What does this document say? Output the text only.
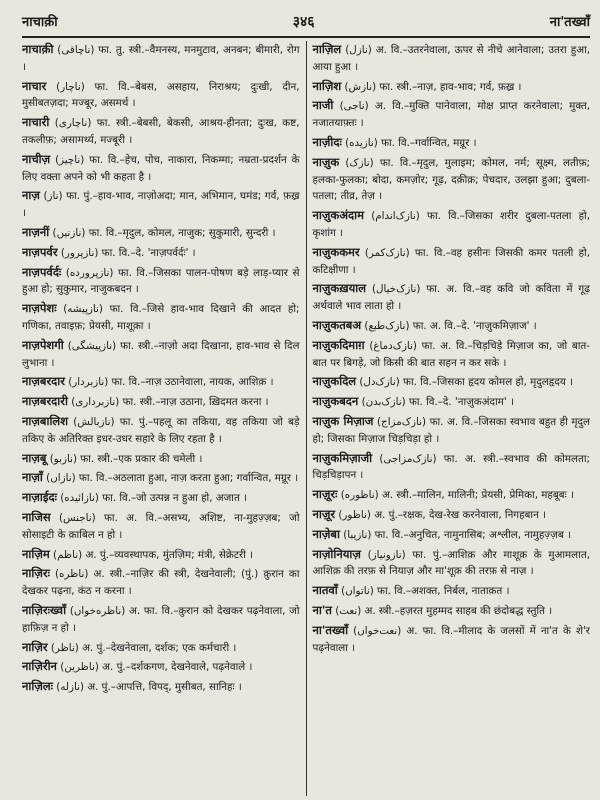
नाचाक़ी	३४६	ना'तख्वाँ

नाचाक़ी (ناچاقی) फा. तु. स्त्री.–वैमनस्य, मनमुटाव, अनबन; बीमारी, रोग ।

नाचार (ناچار) फा. वि.–बेबस, असहाय, निराश्रय; दुःखी, दीन, मुसीबतज़दा; मज्बूर, असमर्थ ।

नाचारी (ناچاری) फा. स्त्री.–बेबसी, बेकसी, आश्रय-हीनता; दुःख, कष्ट, तकलीफ़; असामर्थ्य, मज्बूरी ।

नाचीज़ (ناچیز) फा. वि.–हेच, पोच, नाकारा, निकम्मा; नम्रता-प्रदर्शन के लिए वक्ता अपने को भी कहता है ।

नाज़ (ناز) फा. पुं.–हाव-भाव, नाज़ोअदा; मान, अभिमान, घमंड; गर्व, फ़ख़्र ।

नाज़नीं (نازنیں) फा. वि.–मृदुल, कोमल, नाजुक; सुकुमारी, सुन्दरी ।

नाज़पर्वर (نازپرور) फा. वि.–दे. 'नाज़पर्वर्दः' ।

नाज़पर्वर्दः (نازپرورده) फा. वि.–जिसका पालन-पोषण बड़े लाड़-प्यार से हुआ हो; सुकुमार, नाजुकबदन ।

नाज़पेशः (نازپیشه) फा. वि.–जिसे हाव-भाव दिखाने की आदत हो; गणिका, तवाइफ़; प्रेयसी, माशूक़ा ।

नाज़पेशगी (نازپیشگی) फा. स्त्री.–नाज़ो अदा दिखाना, हाव-भाव से दिल लुभाना ।

नाज़बरदार (نازبردار) फा. वि.–नाज़ उठानेवाला, नायक, आशिक़ ।

नाज़बरदारी (نازبرداری) फा. स्त्री.–नाज़ उठाना, ख़िदमत करना ।

नाज़बालिश (نازبالش) फा. पुं.–पहलू का तकिया, वह तकिया जो बड़े तकिए के अतिरिक्त इधर-उधर सहारे के लिए रहता है ।

नाज़बू (نازبو) फा. स्त्री.–एक प्रकार की चमेली ।

नाज़ाँ (نازاں) फा. वि.–अठलाता हुआ, नाज़ करता हुआ; गर्वान्वित, मग़्रूर ।

नाज़ाईदः (نازائیده) फा. वि.–जो उत्पन्न न हुआ हो, अजात ।

नाजिस (ناجنس) फा. अ. वि.–असभ्य, अशिष्ट, ना-मुहज़्ज़ब; जो सोसाइटी के क़ाबिल न हो ।

नाज़िम (ناظم) अ. पुं.–व्यवस्थापक, मुंतज़िम; मंत्री, सेक्रेटरी ।

नाज़िरः (ناظره) अ. स्त्री.–नाज़िर की स्त्री, देखनेवाली; (पुं.) क़ुरान का देखकर पढ़ना, कंठ न करना ।

नाज़िरःख्वाँ (ناظره‌خواں) अ. फा. वि.–क़ुरान को देखकर पढ़नेवाला, जो हाफ़िज़ न हो ।

नाज़िर (ناظر) अ. पुं.–देखनेवाला, दर्शक; एक कर्मचारी ।

नाज़िरीन (ناظرین) अ. पुं.–दर्शकगण, देखनेवाले, पढ़नेवाले ।

नाज़िलः (نازله) अ. पुं.–आपत्ति, विपद्, मुसीबत, सानिहः ।

नाज़िल (نازل) अ. वि.–उतरनेवाला, ऊपर से नीचे आनेवाला; उतरा हुआ, आया हुआ ।

नाज़िश (نازش) फा. स्त्री.–नाज़, हाव-भाव; गर्व, फ़ख़्र ।

नाजी (ناجی) अ. वि.–मुक्ति पानेवाला, मोक्ष प्राप्त करनेवाला; मुक्त, नजातयाफ़्तः ।

नाज़ीदः (نازیده) फा. वि.–गर्वान्वित, मग़्रूर ।

नाज़ुक (نازک) फा. वि.–मृदुल, मुलाइम; कोमल, नर्म; सूक्ष्म, लतीफ़; हलका-फुलका; बोदा, कमज़ोर; गूढ़, दक़ीक़; पेचदार, उलझा हुआ; दुबला-पतला; तीव्र, तेज़ ।

नाज़ुकअंदाम (نازک‌اندام) फा. वि.–जिसका शरीर दुबला-पतला हो, कृशांग ।

नाज़ुककमर (نازک‌کمر) फा. वि.–वह हसीनः जिसकी कमर पतली हो, कटिक्षीणा ।

नाज़ुकख़याल (نازک‌خیال) फा. अ. वि.–वह कवि जो कविता में गूढ़ अर्थवाले भाव लाता हो ।

नाज़ुकतबअ (نازک‌طبع) फा. अ. वि.–दे. 'नाज़ुकमिज़ाज' ।

नाज़ुकदिमाग़ (نازک‌دماغ) फा. अ. वि.–चिड़चिड़े मिज़ाज का, जो बात-बात पर बिगड़े, जो किसी की बात सहन न कर सके ।

नाज़ुकदिल (نازک‌دل) फा. वि.–जिसका हृदय कोमल हो, मृदुलहृदय ।

नाज़ुकबदन (نازک‌بدن) फा. वि.–दे. 'नाज़ुकअंदाम' ।

नाज़ुक मिज़ाज (نازک‌مزاج) फा. अ. वि.–जिसका स्वभाव बहुत ही मृदुल हो; जिसका मिज़ाज चिड़चिड़ा हो ।

नाज़ुकमिज़ाजी (نازک‌مزاجی) फा. अ. स्त्री.–स्वभाव की कोमलता; चिड़चिड़ापन ।

नाज़ूरः (ناظوره) अ. स्त्री.–मालिन, मालिनी; प्रेयसी, प्रेमिका, महबूबः ।

नाज़ूर (ناظور) अ. पुं.–रक्षक, देख-रेख करनेवाला, निगहबान ।

नाज़ेबा (نازیبا) फा. वि.–अनुचित, नामुनासिब; अश्लील, नामुहज़्ज़ब ।

नाज़ोनियाज़ (نازونیاز) फा. पुं.–आशिक़ और माशूक़ के मुआमलात, आशिक़ की तरफ़ से नियाज़ और मा'शूक़ की तरफ़ से नाज़ ।

नातवाँ (ناتواں) फा. वि.–अशक्त, निर्बल, नाताक़त ।

ना'त (نعت) अ. स्त्री.–हज़रत मुहम्मद साहब की छंदोबद्ध स्तुति ।

ना'तख्वाँ (نعت‌خواں) अ. फा. वि.–मीलाद के जलसों में ना'त के शे'र पढ़नेवाला ।
